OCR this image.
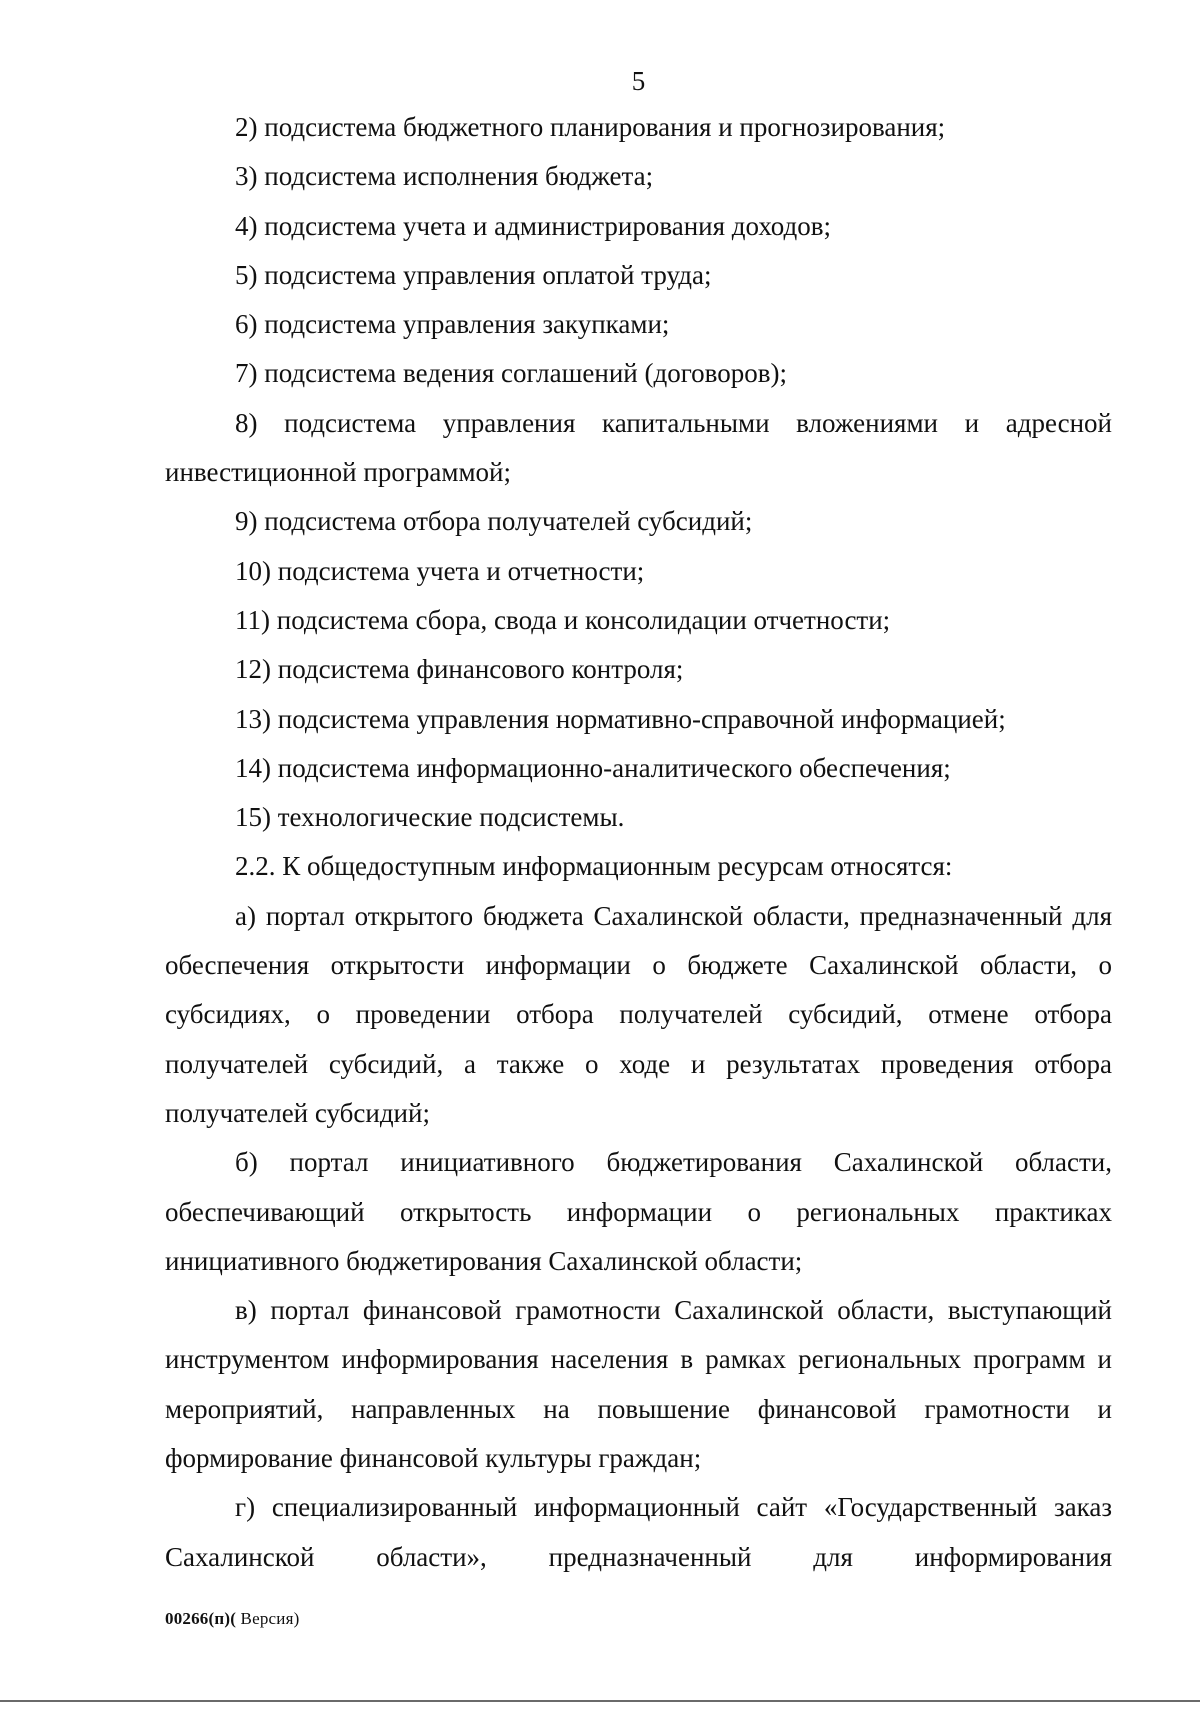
5

2) подсистема бюджетного планирования и прогнозирования;

3) подсистема исполнения бюджета;

4) подсистема учета и администрирования доходов;

5) подсистема управления оплатой труда;

6) подсистема управления закупками;

7) подсистема ведения соглашений (договоров);

8) подсистема управления капитальными вложениями и адресной инвестиционной программой;

9) подсистема отбора получателей субсидий;

10) подсистема учета и отчетности;

11) подсистема сбора, свода и консолидации отчетности;

12) подсистема финансового контроля;

13) подсистема управления нормативно-справочной информацией;

14) подсистема информационно-аналитического обеспечения;

15) технологические подсистемы.

2.2. К общедоступным информационным ресурсам относятся:

а) портал открытого бюджета Сахалинской области, предназначенный для обеспечения открытости информации о бюджете Сахалинской области, о субсидиях, о проведении отбора получателей субсидий, отмене отбора получателей субсидий, а также о ходе и результатах проведения отбора получателей субсидий;

б) портал инициативного бюджетирования Сахалинской области, обеспечивающий открытость информации о региональных практиках инициативного бюджетирования Сахалинской области;

в) портал финансовой грамотности Сахалинской области, выступающий инструментом информирования населения в рамках региональных программ и мероприятий, направленных на повышение финансовой грамотности и формирование финансовой культуры граждан;

г) специализированный информационный сайт «Государственный заказ Сахалинской области», предназначенный для информирования

00266(п)( Версия)
